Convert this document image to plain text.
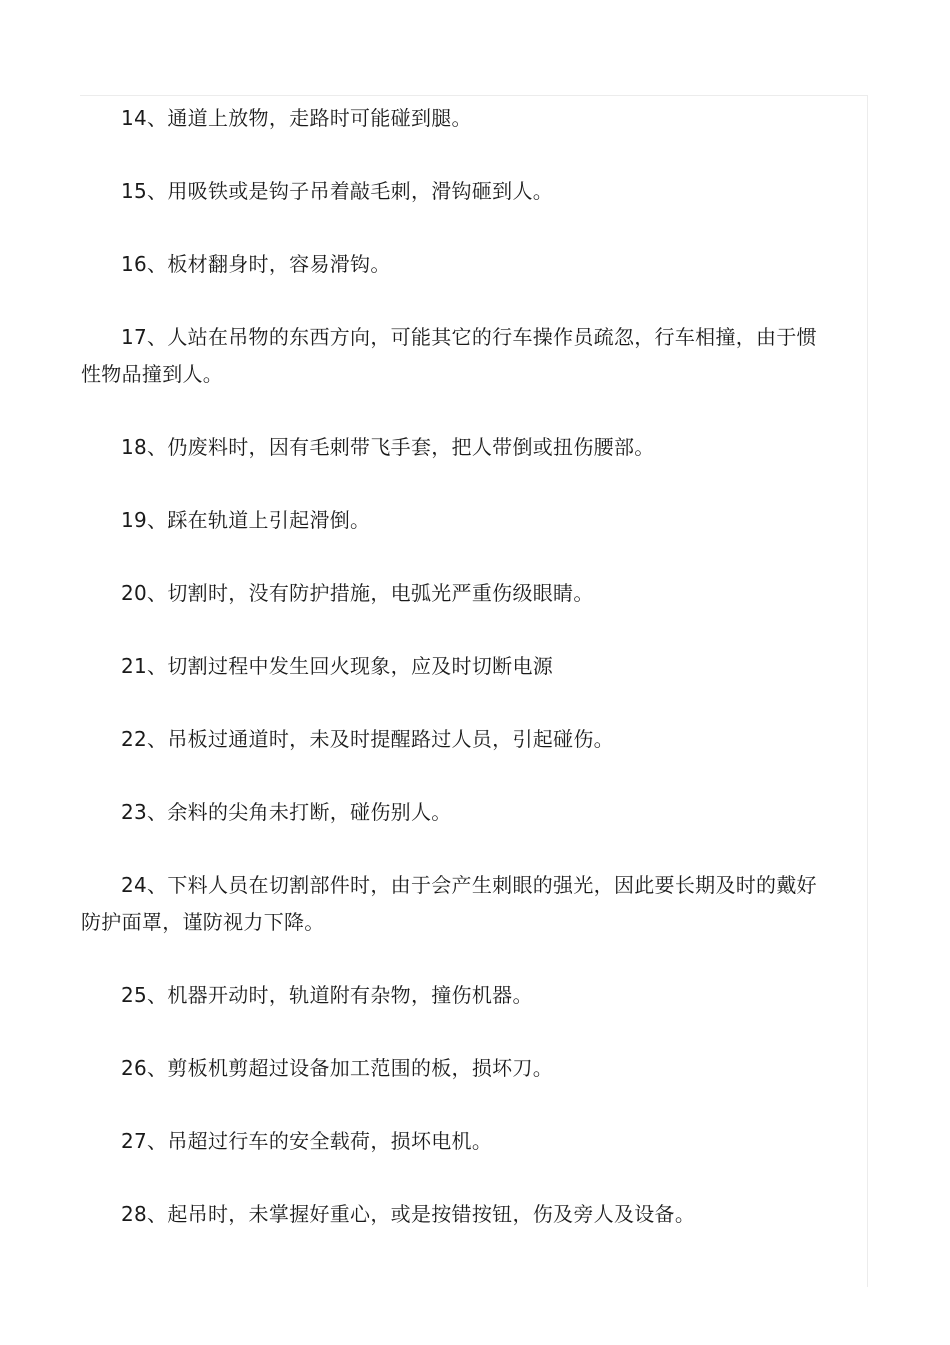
14、通道上放物，走路时可能碰到腿。

15、用吸铁或是钩子吊着敲毛刺，滑钩砸到人。

16、板材翻身时，容易滑钩。

17、人站在吊物的东西方向，可能其它的行车操作员疏忽，行车相撞，由于惯性物品撞到人。

18、仍废料时，因有毛刺带飞手套，把人带倒或扭伤腰部。

19、踩在轨道上引起滑倒。

20、切割时，没有防护措施，电弧光严重伤级眼睛。

21、切割过程中发生回火现象，应及时切断电源

22、吊板过通道时，未及时提醒路过人员，引起碰伤。

23、余料的尖角未打断，碰伤别人。

24、下料人员在切割部件时，由于会产生刺眼的强光，因此要长期及时的戴好防护面罩，谨防视力下降。

25、机器开动时，轨道附有杂物，撞伤机器。

26、剪板机剪超过设备加工范围的板，损坏刀。

27、吊超过行车的安全载荷，损坏电机。

28、起吊时，未掌握好重心，或是按错按钮，伤及旁人及设备。
